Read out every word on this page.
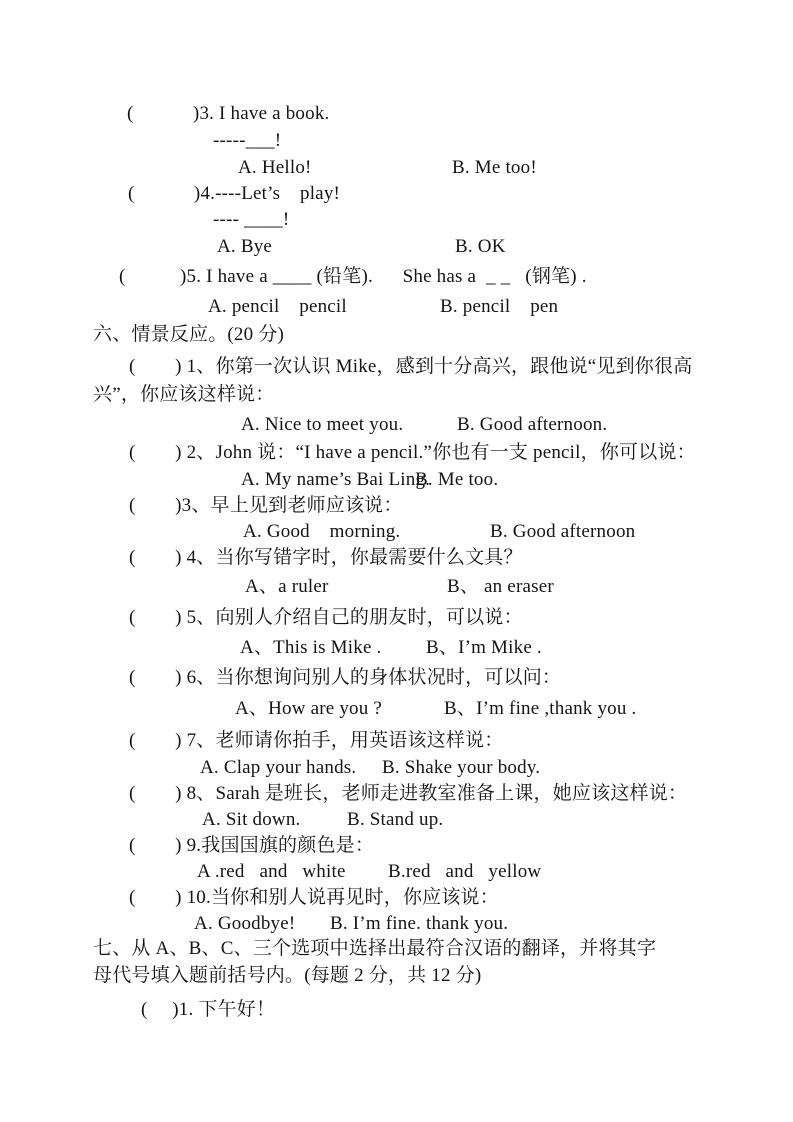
(            )3. I have a book.
-----___!
A. Hello!	B. Me too!
(            )4.----Let’s    play!
---- ____!
A. Bye	B. OK
(           )5. I have a ____ (铅笔).      She has a  _ _   (钢笔) .
A. pencil    pencil	B. pencil    pen
六、情景反应。(20 分)
(        ) 1、你第一次认识 Mike，感到十分高兴，跟他说“见到你很高
兴”，你应该这样说：
A. Nice to meet you.	B. Good afternoon.
(        ) 2、John 说：“I have a pencil.”你也有一支 pencil，你可以说：
A. My name’s Bai Ling.
B. Me too.
(        )3、早上见到老师应该说：
A. Good    morning.	B. Good afternoon
(        ) 4、当你写错字时，你最需要什么文具？
A、a ruler	B、 an eraser
(        ) 5、向别人介绍自己的朋友时，可以说：
A、This is Mike . B、I’m Mike .
(        ) 6、当你想询问别人的身体状况时，可以问：
A、How are you ?	B、I’m fine ,thank you .
(        ) 7、老师请你拍手，用英语该这样说：
A. Clap your hands. B. Shake your body.
(        ) 8、Sarah 是班长，老师走进教室准备上课，她应该这样说：
A. Sit down. B. Stand up.
(        ) 9.我国国旗的颜色是：
A .red   and   white B.red   and   yellow
(        ) 10.当你和别人说再见时，你应该说：
A. Goodbye! B. I’m fine. thank you.
七、从 A、B、C、三个选项中选择出最符合汉语的翻译，并将其字
母代号填入题前括号内。(每题 2 分，共 12 分)
(     )1. 下午好！
